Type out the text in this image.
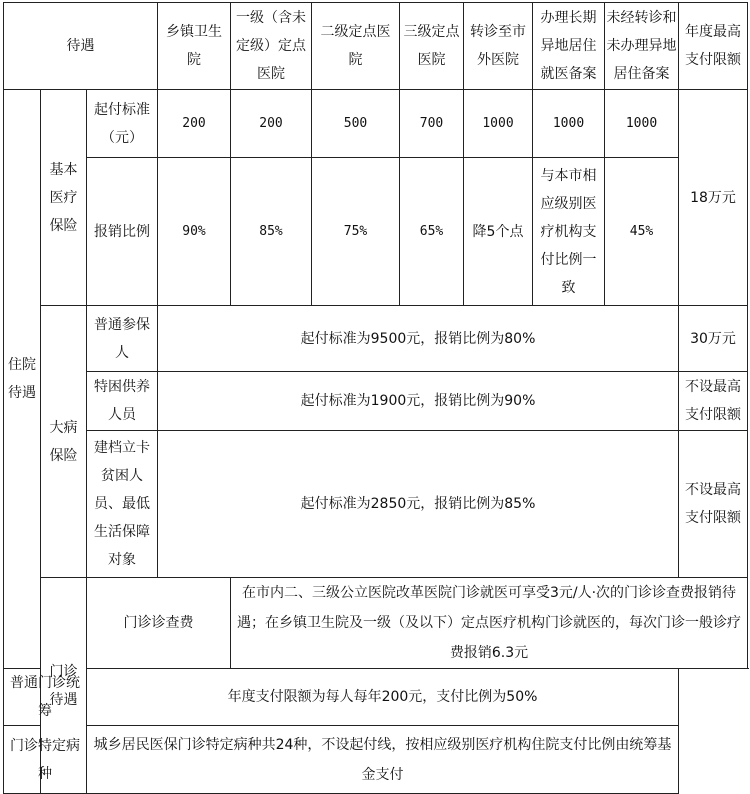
待遇			乡镇卫生院	一级（含未定级）定点医院	二级定点医院	三级定点医院	转诊至市外医院	办理长期异地居住就医备案	未经转诊和未办理异地居住备案	年度最高支付限额
住院待遇	基本医疗保险	起付标准（元）	200	200	500	700	1000	1000	1000	18万元
		报销比例	90%	85%	75%	65%	降5个点	与本市相应级别医疗机构支付比例一致	45%	
	大病保险	普通参保人	起付标准为9500元，报销比例为80%							30万元
		特困供养人员	起付标准为1900元，报销比例为90%							不设最高支付限额
		建档立卡贫困人员、最低生活保障对象	起付标准为2850元，报销比例为85%							不设最高支付限额
	门诊待遇	门诊诊查费		在市内二、三级公立医院改革医院门诊就医可享受3元/人·次的门诊诊查费报销待遇；在乡镇卫生院及一级（及以下）定点医疗机构门诊就医的，每次门诊一般诊疗费报销6.3元						
普通门诊统筹		年度支付限额为每人每年200元，支付比例为50%								
门诊特定病种		城乡居民医保门诊特定病种共24种，不设起付线，按相应级别医疗机构住院支付比例由统筹基金支付								
